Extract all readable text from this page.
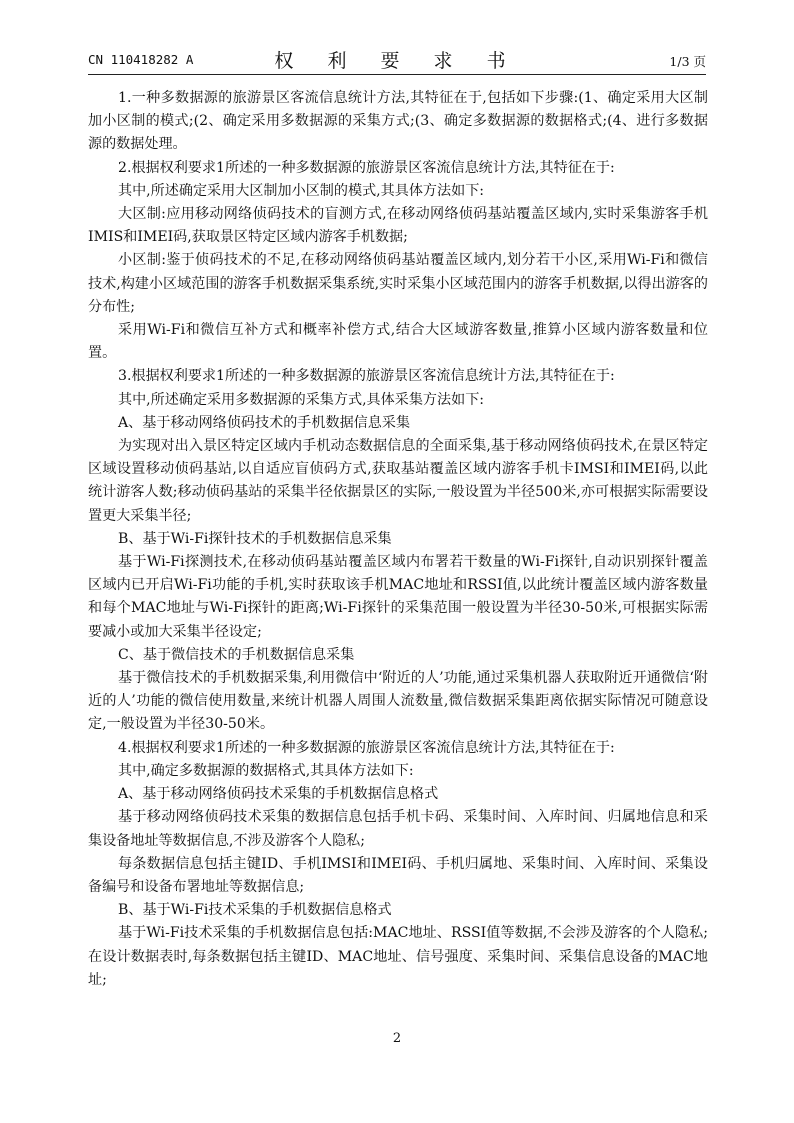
CN 110418282 A	权 利 要 求 书	1/3 页

1.一种多数据源的旅游景区客流信息统计方法,其特征在于,包括如下步骤:(1、确定采用大区制加小区制的模式;(2、确定采用多数据源的采集方式;(3、确定多数据源的数据格式;(4、进行多数据源的数据处理。

2.根据权利要求1所述的一种多数据源的旅游景区客流信息统计方法,其特征在于:

其中,所述确定采用大区制加小区制的模式,其具体方法如下:

大区制:应用移动网络侦码技术的盲测方式,在移动网络侦码基站覆盖区域内,实时采集游客手机IMIS和IMEI码,获取景区特定区域内游客手机数据;

小区制:鉴于侦码技术的不足,在移动网络侦码基站覆盖区域内,划分若干小区,采用Wi-Fi和微信技术,构建小区域范围的游客手机数据采集系统,实时采集小区域范围内的游客手机数据,以得出游客的分布性;

采用Wi-Fi和微信互补方式和概率补偿方式,结合大区域游客数量,推算小区域内游客数量和位置。

3.根据权利要求1所述的一种多数据源的旅游景区客流信息统计方法,其特征在于:

其中,所述确定采用多数据源的采集方式,具体采集方法如下:

A、基于移动网络侦码技术的手机数据信息采集

为实现对出入景区特定区域内手机动态数据信息的全面采集,基于移动网络侦码技术,在景区特定区域设置移动侦码基站,以自适应盲侦码方式,获取基站覆盖区域内游客手机卡IMSI和IMEI码,以此统计游客人数;移动侦码基站的采集半径依据景区的实际,一般设置为半径500米,亦可根据实际需要设置更大采集半径;

B、基于Wi-Fi探针技术的手机数据信息采集

基于Wi-Fi探测技术,在移动侦码基站覆盖区域内布署若干数量的Wi-Fi探针,自动识别探针覆盖区域内已开启Wi-Fi功能的手机,实时获取该手机MAC地址和RSSI值,以此统计覆盖区域内游客数量和每个MAC地址与Wi-Fi探针的距离;Wi-Fi探针的采集范围一般设置为半径30-50米,可根据实际需要减小或加大采集半径设定;

C、基于微信技术的手机数据信息采集

基于微信技术的手机数据采集,利用微信中‘附近的人’功能,通过采集机器人获取附近开通微信‘附近的人’功能的微信使用数量,来统计机器人周围人流数量,微信数据采集距离依据实际情况可随意设定,一般设置为半径30-50米。

4.根据权利要求1所述的一种多数据源的旅游景区客流信息统计方法,其特征在于:

其中,确定多数据源的数据格式,其具体方法如下:

A、基于移动网络侦码技术采集的手机数据信息格式

基于移动网络侦码技术采集的数据信息包括手机卡码、采集时间、入库时间、归属地信息和采集设备地址等数据信息,不涉及游客个人隐私;

每条数据信息包括主键ID、手机IMSI和IMEI码、手机归属地、采集时间、入库时间、采集设备编号和设备布署地址等数据信息;

B、基于Wi-Fi技术采集的手机数据信息格式

基于Wi-Fi技术采集的手机数据信息包括:MAC地址、RSSI值等数据,不会涉及游客的个人隐私;在设计数据表时,每条数据包括主键ID、MAC地址、信号强度、采集时间、采集信息设备的MAC地址;

2
